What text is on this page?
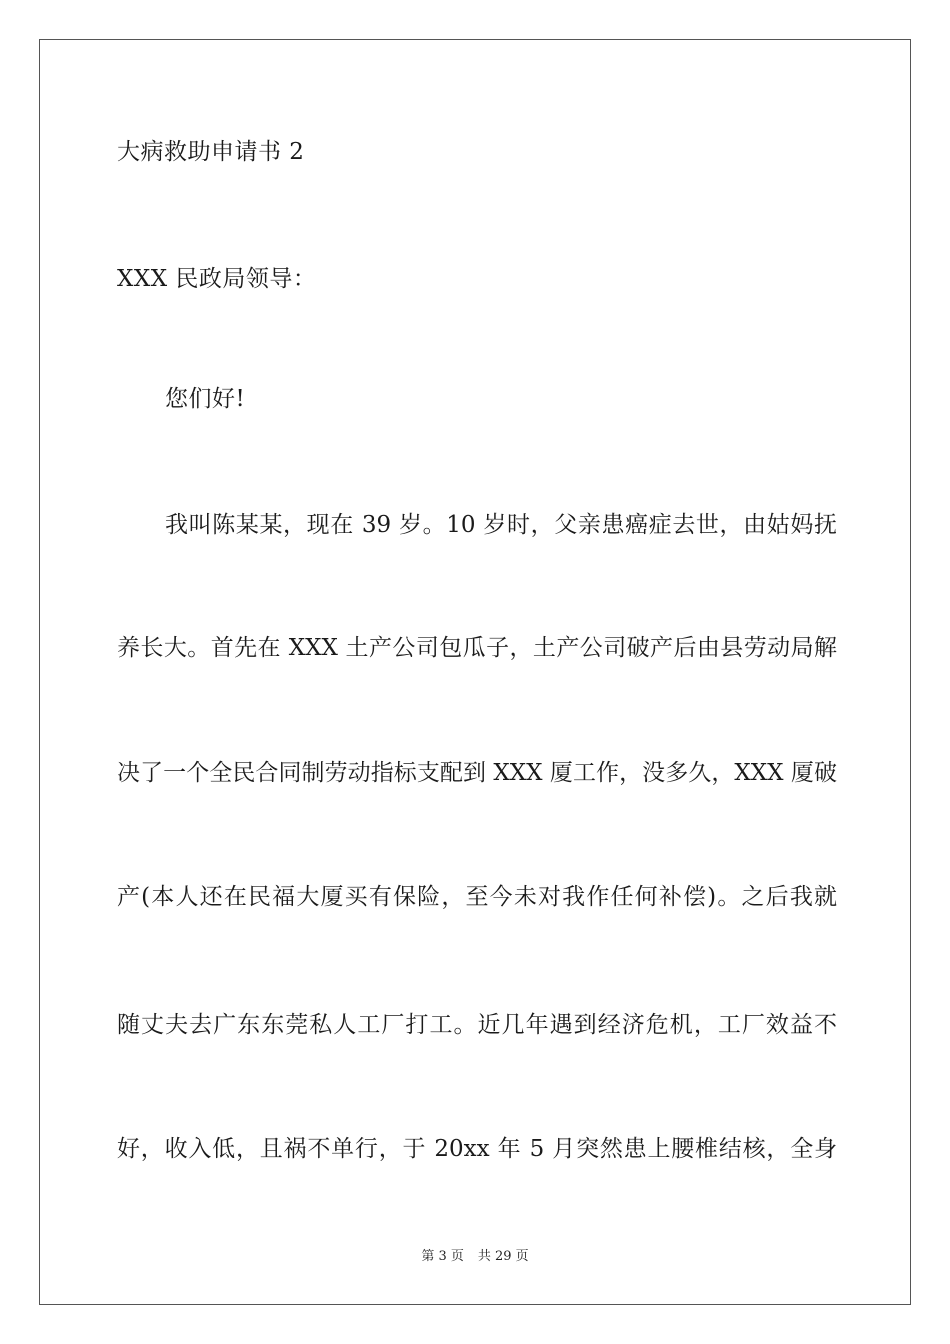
大病救助申请书 2
XXX 民政局领导：
您们好!
我叫陈某某，现在 39 岁。10 岁时，父亲患癌症去世，由姑妈抚
养长大。首先在 XXX 土产公司包瓜子，土产公司破产后由县劳动局解
决了一个全民合同制劳动指标支配到 XXX 厦工作，没多久，XXX 厦破
产(本人还在民福大厦买有保险，至今未对我作任何补偿)。之后我就
随丈夫去广东东莞私人工厂打工。近几年遇到经济危机，工厂效益不
好，收入低，且祸不单行，于 20xx 年 5 月突然患上腰椎结核，全身
第 3 页 共 29 页
